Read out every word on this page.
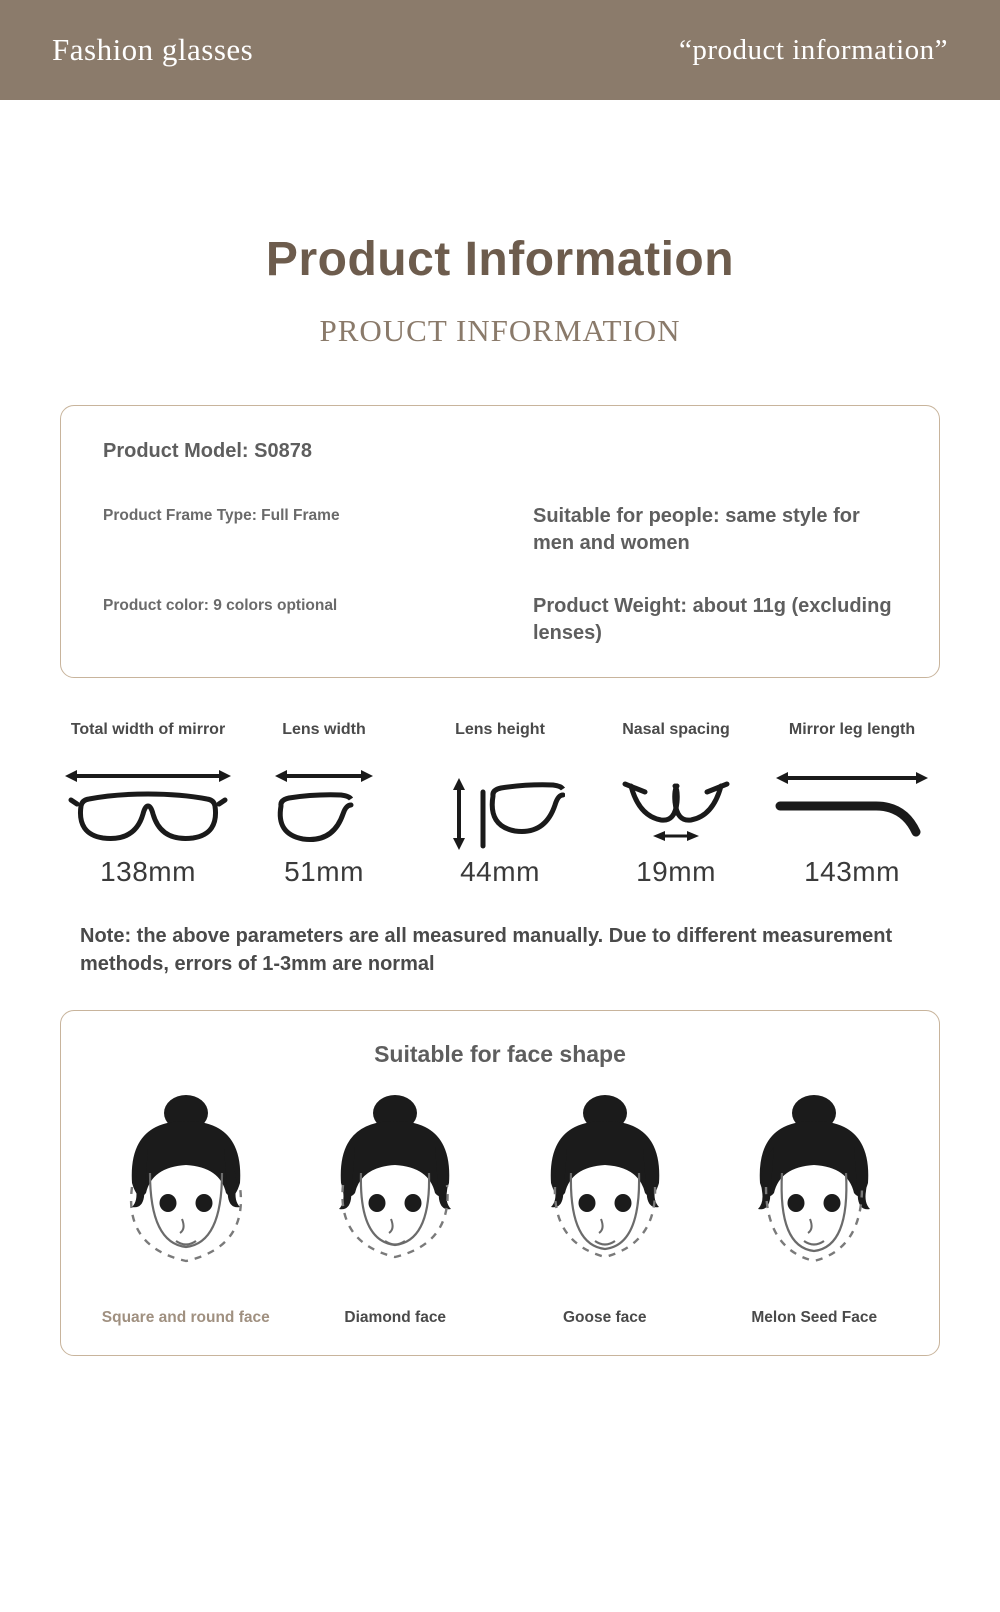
Fashion glasses	“product information”
Product Information
PROUCT INFORMATION
Product Model: S0878
Product Frame Type: Full Frame	Suitable for people: same style for men and women
Product color: 9 colors optional	Product Weight: about 11g (excluding lenses)
Total width of mirror
138mm
Lens width
51mm
Lens height
44mm
Nasal spacing
19mm
Mirror leg length
143mm
Note: the above parameters are all measured manually. Due to different measurement methods, errors of 1-3mm are normal
Suitable for face shape
Square and round face	Diamond face	Goose face	Melon Seed Face
